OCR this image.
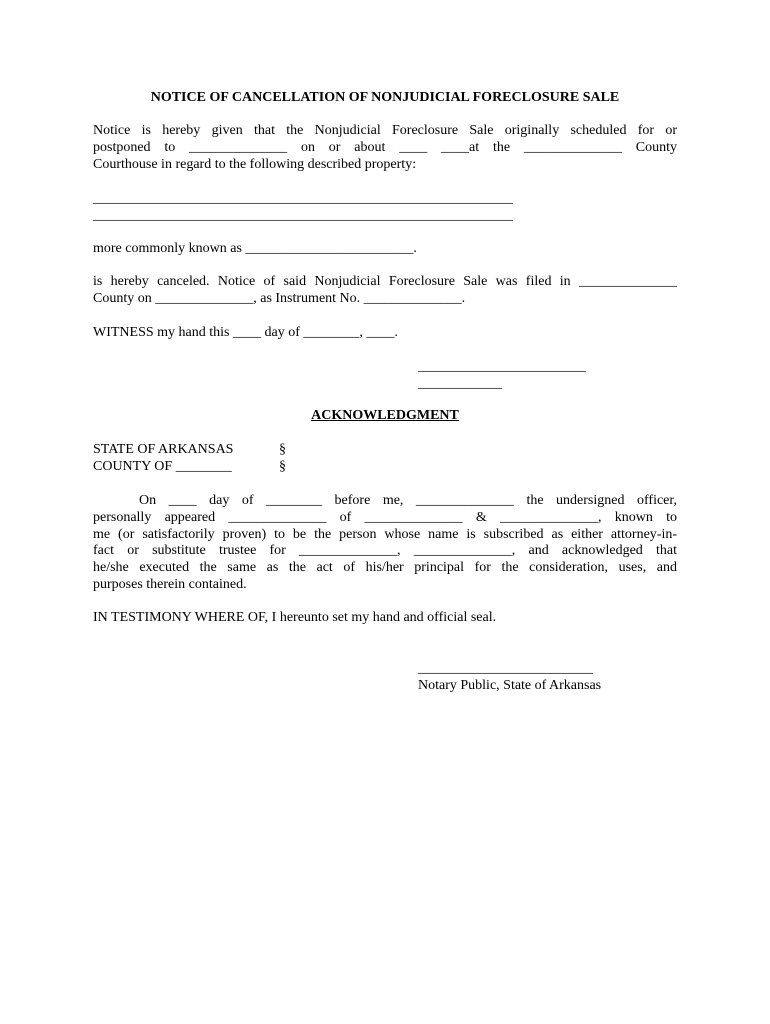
NOTICE OF CANCELLATION OF NONJUDICIAL FORECLOSURE SALE
Notice is hereby given that the Nonjudicial Foreclosure Sale originally scheduled for or
postponed to ______________ on or about ____ ____at the ______________ County
Courthouse in regard to the following described property:
____________________________________________________________
____________________________________________________________
more commonly known as ________________________.
is hereby canceled. Notice of said Nonjudicial Foreclosure Sale was filed in ______________
County on ______________, as Instrument No. ______________.
WITNESS my hand this ____ day of ________, ____.
________________________
____________
ACKNOWLEDGMENT
STATE OF ARKANSAS	§
COUNTY OF ________	§
On ____ day of ________ before me, ______________ the undersigned officer,
personally appeared ______________ of ______________ & ______________, known to
me (or satisfactorily proven) to be the person whose name is subscribed as either attorney-in-
fact or substitute trustee for ______________, ______________, and acknowledged that
he/she executed the same as the act of his/her principal for the consideration, uses, and
purposes therein contained.
IN TESTIMONY WHERE OF, I hereunto set my hand and official seal.
_________________________
Notary Public, State of Arkansas
